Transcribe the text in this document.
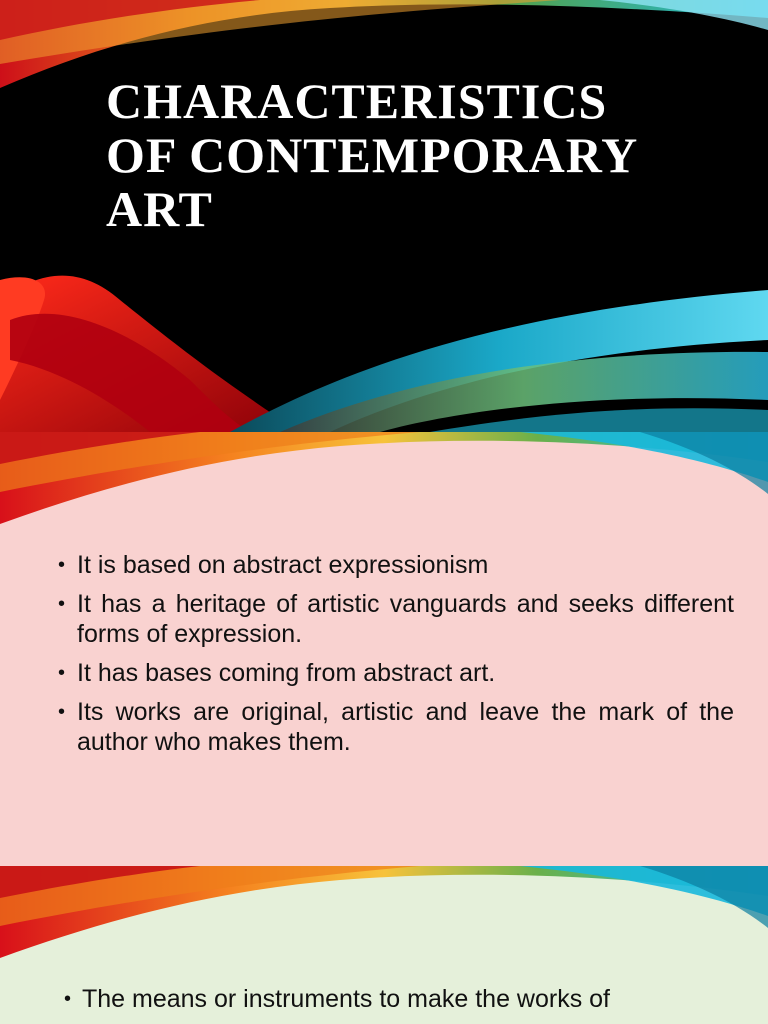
CHARACTERISTICS
OF CONTEMPORARY
ART
• It is based on abstract expressionism
• It has a heritage of artistic vanguards and seeks different forms of expression.
• It has bases coming from abstract art.
• Its works are original, artistic and leave the mark of the author who makes them.
• The means or instruments to make the works of
